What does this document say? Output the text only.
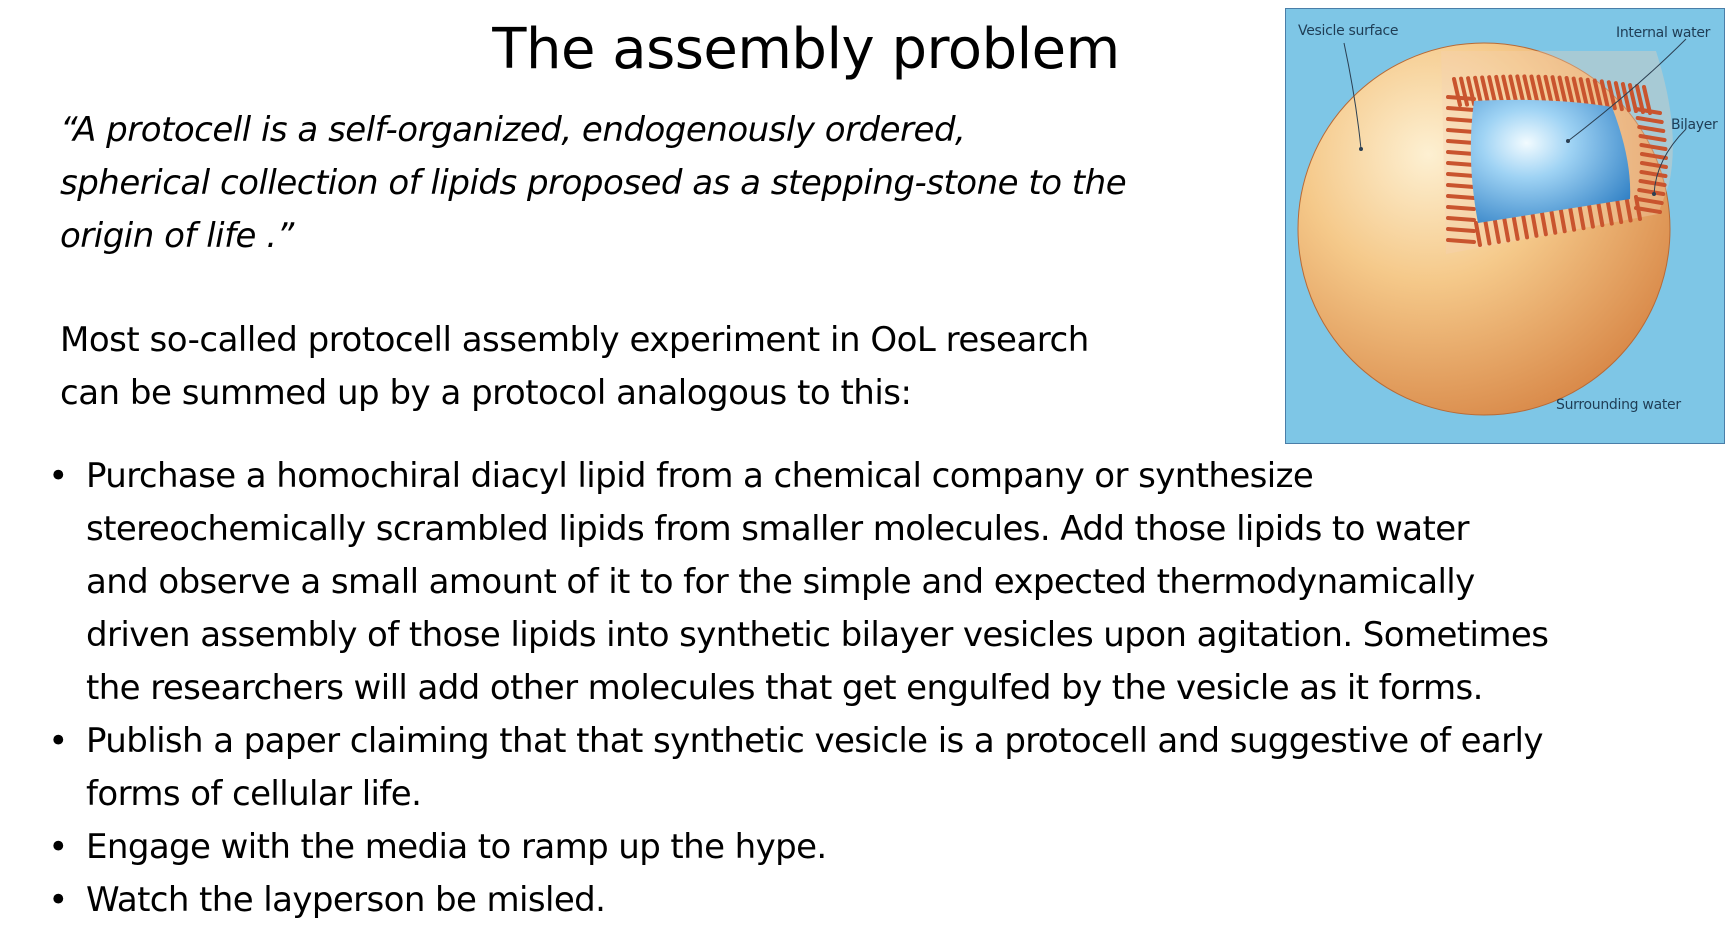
The assembly problem
“A protocell is a self-organized, endogenously ordered,
spherical collection of lipids proposed as a stepping-stone to the
origin of life .”
Most so-called protocell assembly experiment in OoL research
can be summed up by a protocol analogous to this:
• Purchase a homochiral diacyl lipid from a chemical company or synthesize
stereochemically scrambled lipids from smaller molecules. Add those lipids to water
and observe a small amount of it to for the simple and expected thermodynamically
driven assembly of those lipids into synthetic bilayer vesicles upon agitation. Sometimes
the researchers will add other molecules that get engulfed by the vesicle as it forms.
• Publish a paper claiming that that synthetic vesicle is a protocell and suggestive of early
forms of cellular life.
• Engage with the media to ramp up the hype.
• Watch the layperson be misled.
Vesicle surface	Internal water
Bilayer
Surrounding water
